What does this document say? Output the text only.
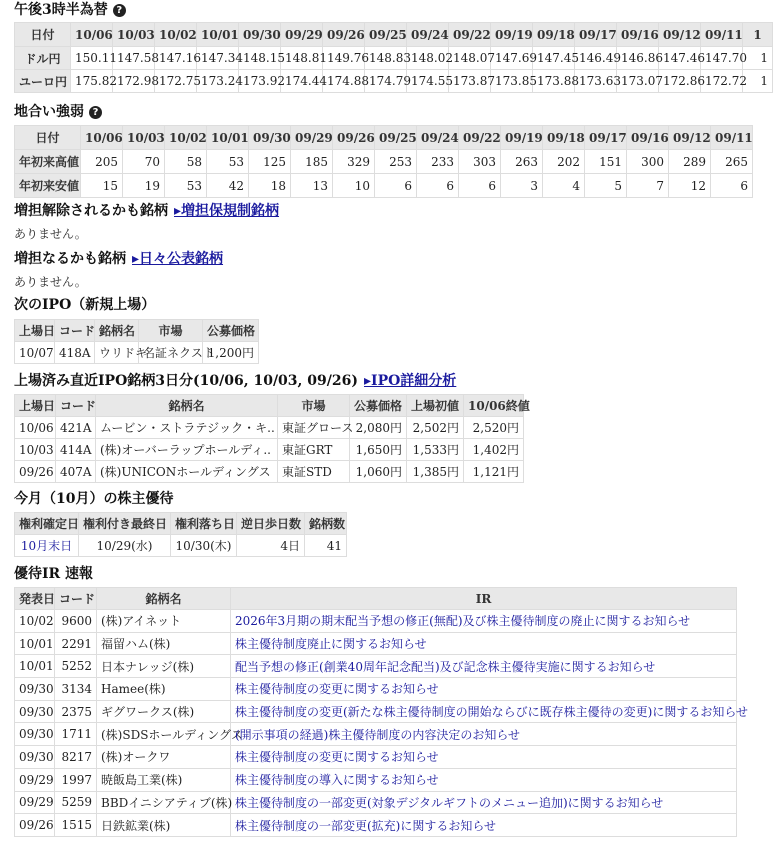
午後3時半為替 ?
日付	10/06	10/03	10/02	10/01	09/30	09/29	09/26	09/25	09/24	09/22	09/19	09/18	09/17	09/16	09/12	09/11	1
ドル円	150.11	147.58	147.16	147.34	148.15	148.81	149.76	148.83	148.02	148.07	147.69	147.45	146.49	146.86	147.46	147.70	1
ユーロ円	175.82	172.98	172.75	173.24	173.92	174.44	174.88	174.79	174.55	173.87	173.85	173.88	173.63	173.07	172.86	172.72	1
地合い強弱 ?
日付	10/06	10/03	10/02	10/01	09/30	09/29	09/26	09/25	09/24	09/22	09/19	09/18	09/17	09/16	09/12	09/11
年初来高値	205	70	58	53	125	185	329	253	233	303	263	202	151	300	289	265
年初来安値	15	19	53	42	18	13	10	6	6	6	3	4	5	7	12	6
増担解除されるかも銘柄 ▸増担保規制銘柄
ありません。
増担なるかも銘柄 ▸日々公表銘柄
ありません。
次のIPO（新規上場）
上場日	コード	銘柄名	市場	公募価格
10/07	418A	ウリドキ	名証ネクスト	1,200円
上場済み直近IPO銘柄3日分(10/06, 10/03, 09/26) ▸IPO詳細分析
上場日	コード	銘柄名	市場	公募価格	上場初値	10/06終値
10/06	421A	ムービン・ストラテジック・キ..	東証グロース	2,080円	2,502円	2,520円
10/03	414A	(株)オーバーラップホールディ..	東証GRT	1,650円	1,533円	1,402円
09/26	407A	(株)UNICONホールディングス	東証STD	1,060円	1,385円	1,121円
今月（10月）の株主優待
権利確定日	権利付き最終日	権利落ち日	逆日歩日数	銘柄数
10月末日	10/29(水)	10/30(木)	4日	41
優待IR 速報
発表日	コード	銘柄名	IR
10/02	9600	(株)アイネット	2026年3月期の期末配当予想の修正(無配)及び株主優待制度の廃止に関するお知らせ
10/01	2291	福留ハム(株)	株主優待制度廃止に関するお知らせ
10/01	5252	日本ナレッジ(株)	配当予想の修正(創業40周年記念配当)及び記念株主優待実施に関するお知らせ
09/30	3134	Hamee(株)	株主優待制度の変更に関するお知らせ
09/30	2375	ギグワークス(株)	株主優待制度の変更(新たな株主優待制度の開始ならびに既存株主優待の変更)に関するお知らせ
09/30	1711	(株)SDSホールディングス	(開示事項の経過)株主優待制度の内容決定のお知らせ
09/30	8217	(株)オークワ	株主優待制度の変更に関するお知らせ
09/29	1997	暁飯島工業(株)	株主優待制度の導入に関するお知らせ
09/29	5259	BBDイニシアティブ(株)	株主優待制度の一部変更(対象デジタルギフトのメニュー追加)に関するお知らせ
09/26	1515	日鉄鉱業(株)	株主優待制度の一部変更(拡充)に関するお知らせ
